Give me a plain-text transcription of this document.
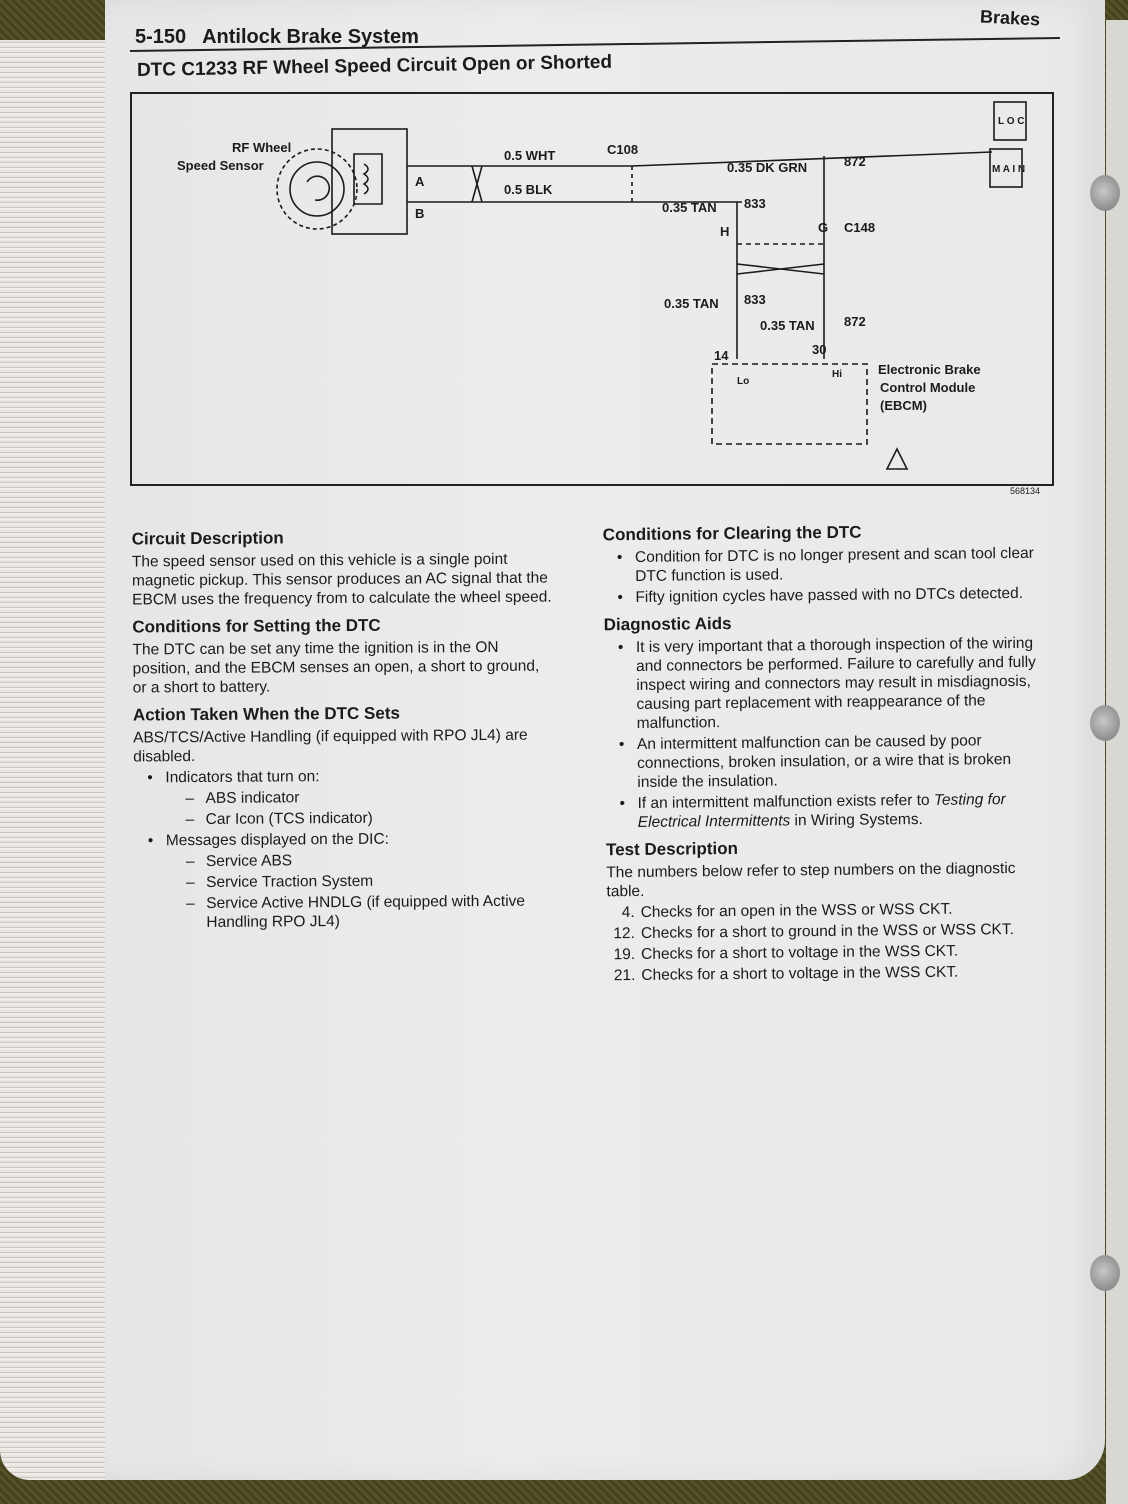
5-150 Antilock Brake System
Brakes
DTC C1233 RF Wheel Speed Circuit Open or Shorted
RF Wheel
Speed Sensor
A
B
0.5 WHT
0.5 BLK
C108
0.35 DK GRN	872
0.35 TAN 833
H	G C148
0.35 TAN 833
0.35 TAN 872
14	30
Lo
Hi	Electronic Brake
Control Module
(EBCM)
L O C
M A I N
568134
Circuit Description

The speed sensor used on this vehicle is a single point magnetic pickup. This sensor produces an AC signal that the EBCM uses the frequency from to calculate the wheel speed.

Conditions for Setting the DTC

The DTC can be set any time the ignition is in the ON position, and the EBCM senses an open, a short to ground, or a short to battery.

Action Taken When the DTC Sets

ABS/TCS/Active Handling (if equipped with RPO JL4) are disabled.

• Indicators that turn on:
– ABS indicator
– Car Icon (TCS indicator)
• Messages displayed on the DIC:
– Service ABS
– Service Traction System
– Service Active HNDLG (if equipped with Active Handling RPO JL4)
Conditions for Clearing the DTC
• Condition for DTC is no longer present and scan tool clear DTC function is used.
• Fifty ignition cycles have passed with no DTCs detected.
Diagnostic Aids
• It is very important that a thorough inspection of the wiring and connectors be performed. Failure to carefully and fully inspect wiring and connectors may result in misdiagnosis, causing part replacement with reappearance of the malfunction.
• An intermittent malfunction can be caused by poor connections, broken insulation, or a wire that is broken inside the insulation.
• If an intermittent malfunction exists refer to Testing for Electrical Intermittents in Wiring Systems.
Test Description

The numbers below refer to step numbers on the diagnostic table.

4. Checks for an open in the WSS or WSS CKT.
12. Checks for a short to ground in the WSS or WSS CKT.
19. Checks for a short to voltage in the WSS CKT.
21. Checks for a short to voltage in the WSS CKT.
